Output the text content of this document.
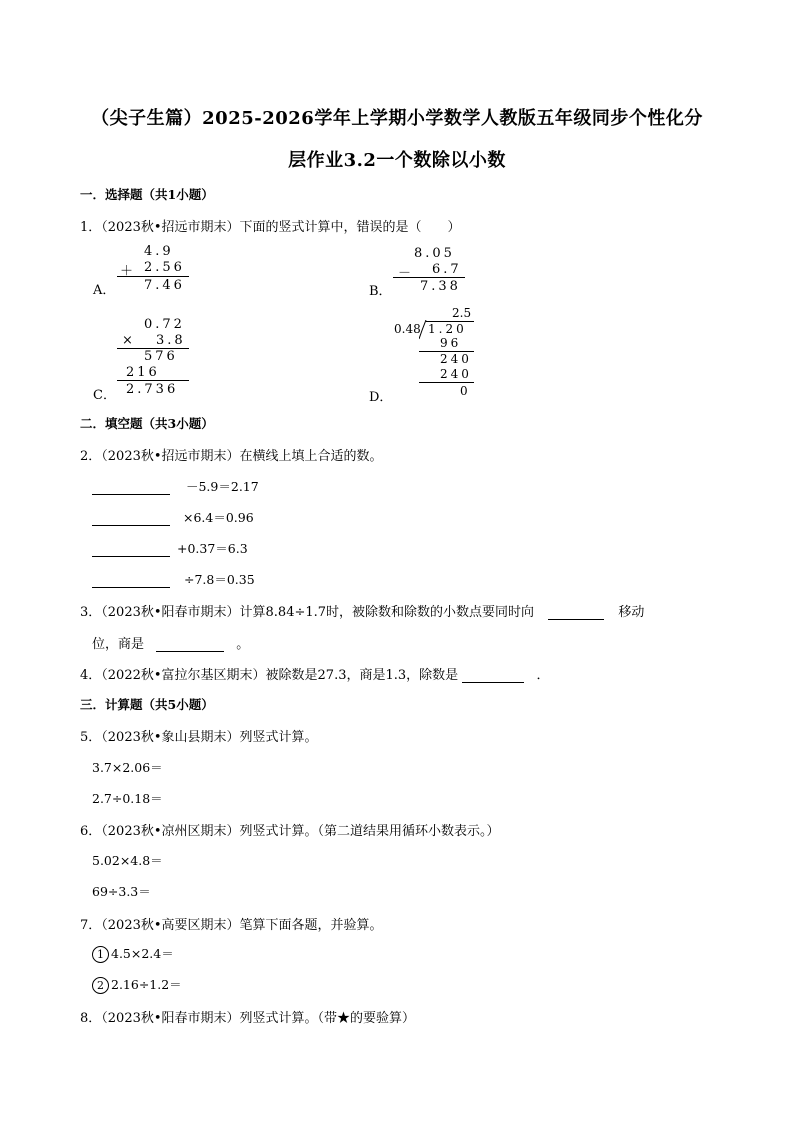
（尖子生篇）2025-2026学年上学期小学数学人教版五年级同步个性化分
层作业3.2一个数除以小数
一．选择题（共1小题）
1．（2023秋•招远市期末）下面的竖式计算中，错误的是（　　）
4.9
＋ 2.56
A． 7.46
8.05
－ 6.7
B． 7.38
0.72
× 3.8
576
216
C． 2.736
2.5
0.48 1.20
96
240
240
D．	0
二．填空题（共3小题）
2．（2023秋•招远市期末）在横线上填上合适的数。
－5.9＝2.17
×6.4＝0.96
+0.37＝6.3
÷7.8＝0.35
3．（2023秋•阳春市期末）计算8.84÷1.7时，被除数和除数的小数点要同时向	移动
位，商是	。
4．（2022秋•富拉尔基区期末）被除数是27.3，商是1.3，除数是	．
三．计算题（共5小题）
5．（2023秋•象山县期末）列竖式计算。
3.7×2.06＝
2.7÷0.18＝
6．（2023秋•凉州区期末）列竖式计算。（第二道结果用循环小数表示。）
5.02×4.8＝
69÷3.3＝
7．（2023秋•高要区期末）笔算下面各题，并验算。
1 4.5×2.4＝
2 2.16÷1.2＝
8．（2023秋•阳春市期末）列竖式计算。（带★的要验算）
